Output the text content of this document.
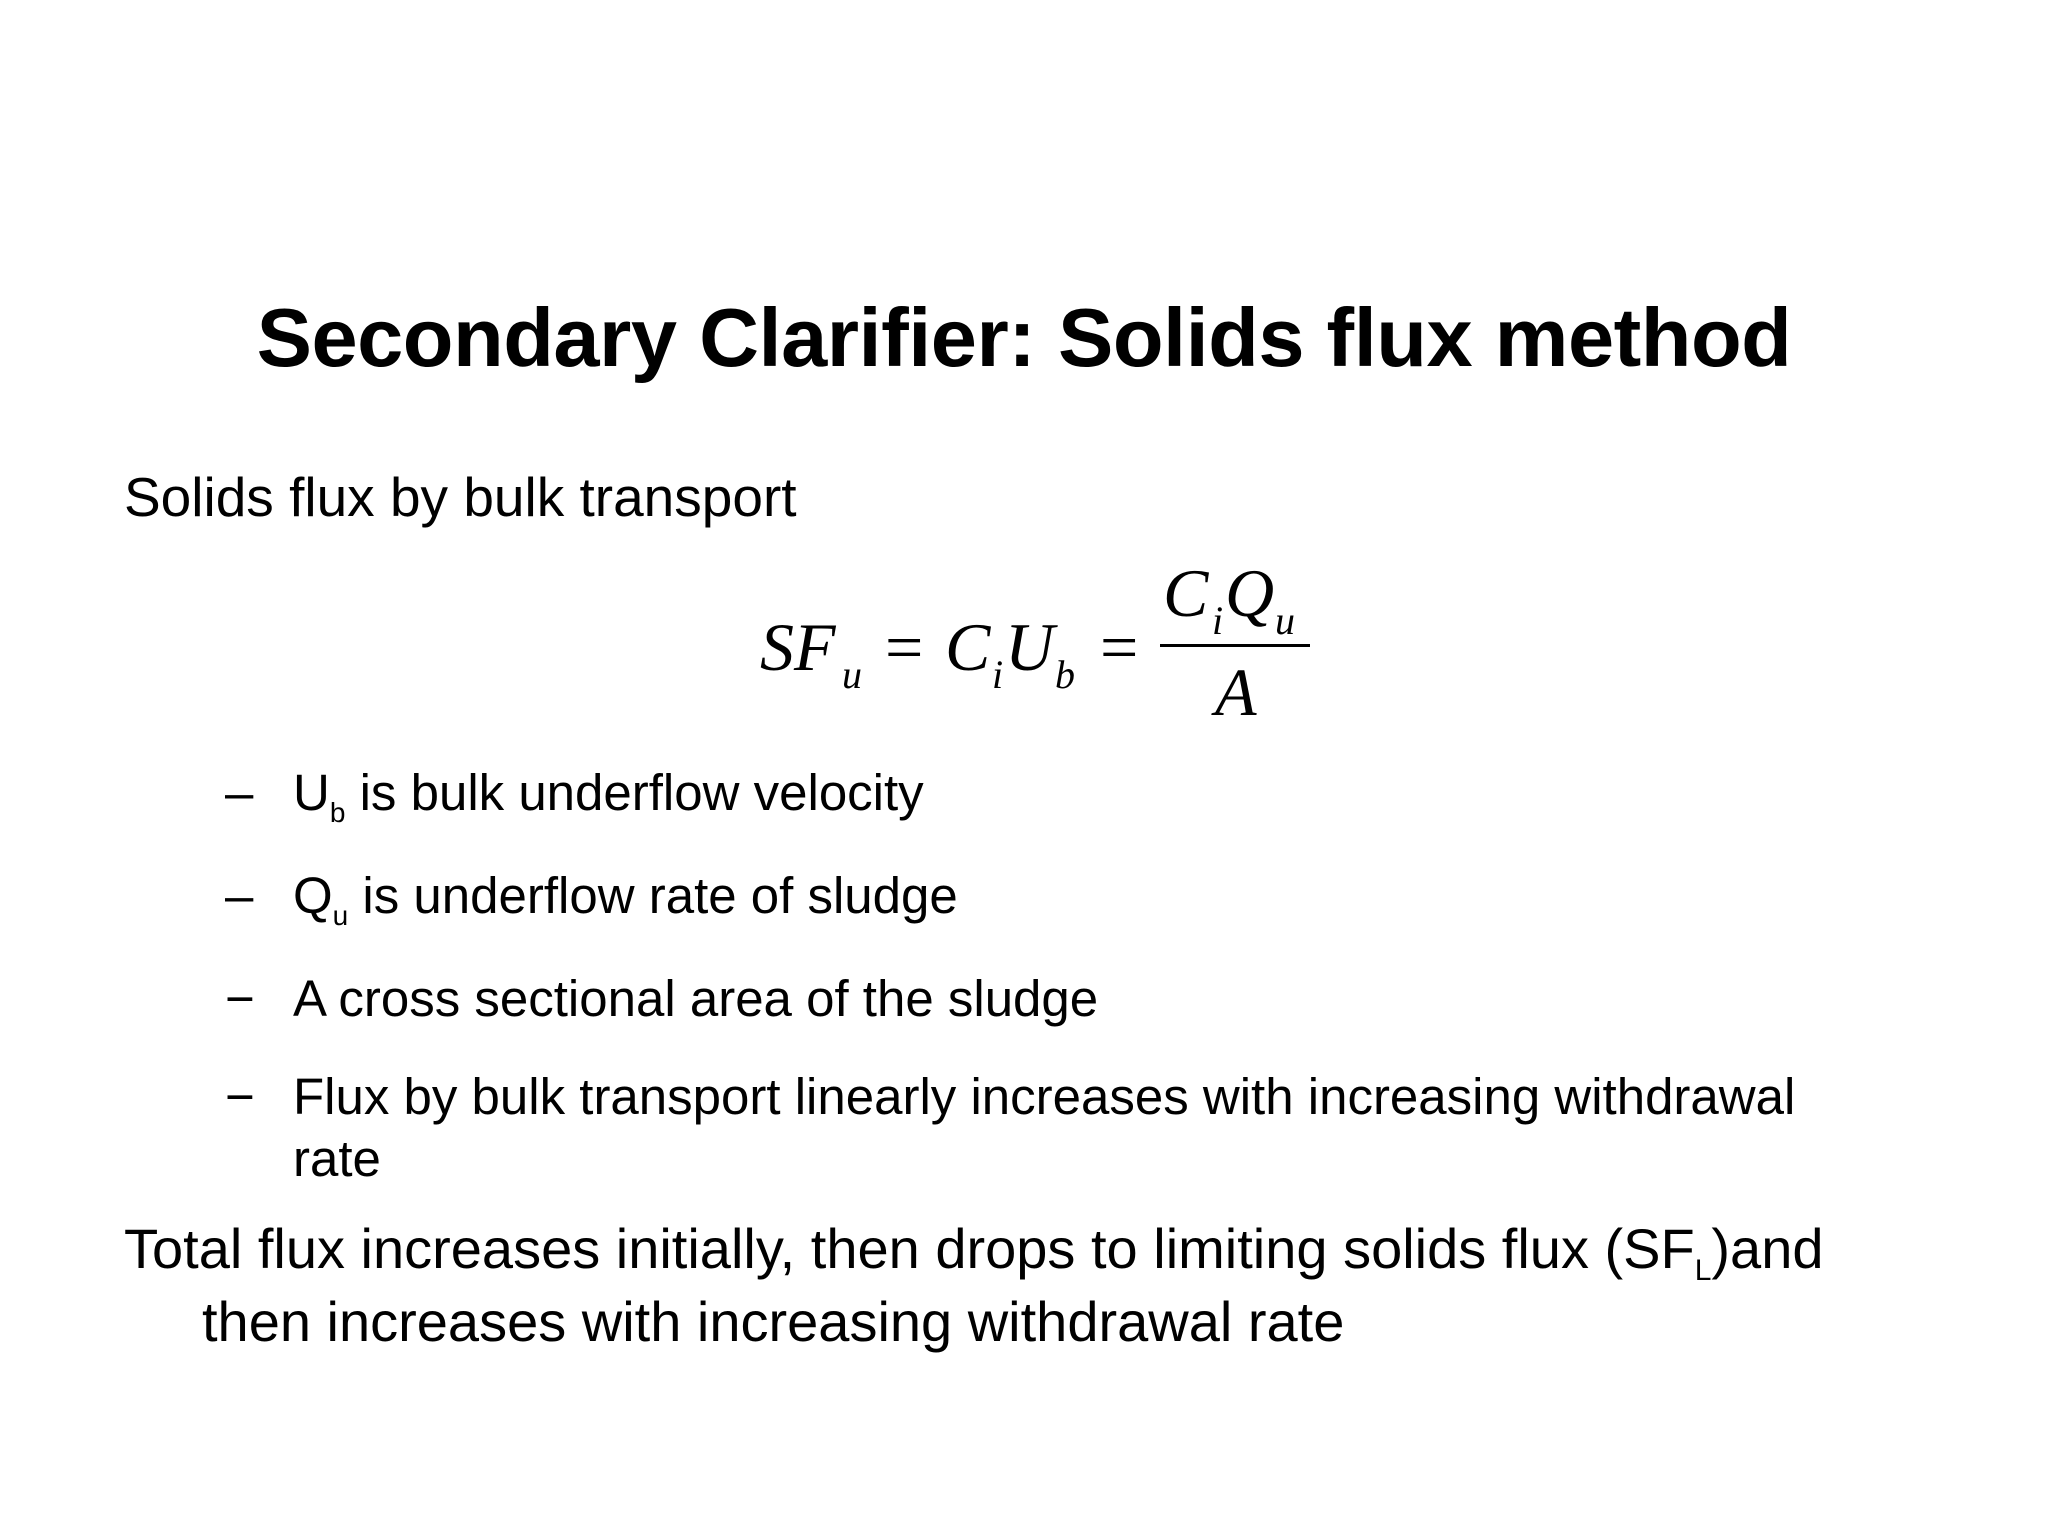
Secondary Clarifier: Solids flux method
Solids flux by bulk transport
SF u = C i U b =
C i Q u
A
– $U_b$ is bulk underflow velocity
– $Q_u$ is underflow rate of sludge
− A cross sectional area of the sludge
− Flux by bulk transport linearly increases with increasing withdrawal
rate
Total flux increases initially, then drops to limiting solids flux $(SF_L)and$
then increases with increasing withdrawal rate
